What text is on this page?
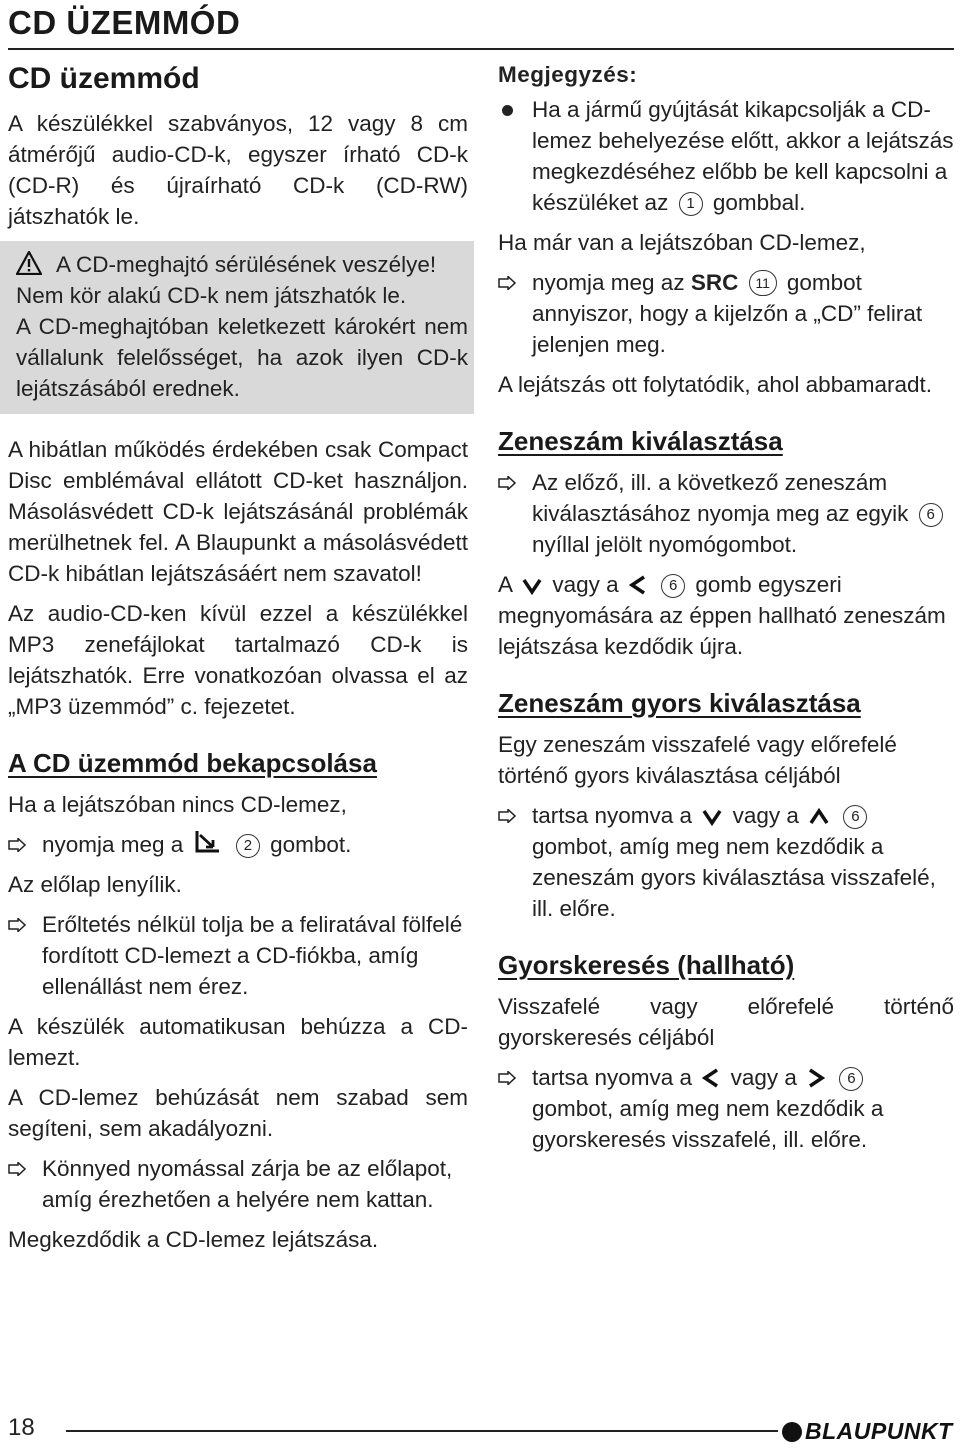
CD ÜZEMMÓD
CD üzemmód

A készülékkel szabványos, 12 vagy 8 cm átmérőjű audio-CD-k, egyszer írható CD-k (CD-R) és újraírható CD-k (CD-RW) játszhatók le.

A CD-meghajtó sérülésének veszélye!

Nem kör alakú CD-k nem játszhatók le.

A CD-meghajtóban keletkezett károkért nem vállalunk felelősséget, ha azok ilyen CD-k lejátszásából erednek.

A hibátlan működés érdekében csak Compact Disc emblémával ellátott CD-ket használjon. Másolásvédett CD-k lejátszásánál problémák merülhetnek fel. A Blaupunkt a másolásvédett CD-k hibátlan lejátszásáért nem szavatol!

Az audio-CD-ken kívül ezzel a készülékkel MP3 zenefájlokat tartalmazó CD-k is lejátszhatók. Erre vonatkozóan olvassa el az „MP3 üzemmód” c. fejezetet.

A CD üzemmód bekapcsolása

Ha a lejátszóban nincs CD-lemez,

nyomja meg a	2 gombot.

Az előlap lenyílik.

Erőltetés nélkül tolja be a feliratával fölfelé fordított CD-lemezt a CD-fiókba, amíg ellenállást nem érez.

A készülék automatikusan behúzza a CD-lemezt.

A CD-lemez behúzását nem szabad sem segíteni, sem akadályozni.

Könnyed nyomással zárja be az előlapot, amíg érezhetően a helyére nem kattan.

Megkezdődik a CD-lemez lejátszása.

Megjegyzés:
Ha a jármű gyújtását kikapcsolják a CD-lemez behelyezése előtt, akkor a lejátszás megkezdéséhez előbb be kell kapcsolni a készüléket az 1 gombbal.

Ha már van a lejátszóban CD-lemez,

nyomja meg az SRC 11 gombot annyiszor, hogy a kijelzőn a „CD” felirat jelenjen meg.

A lejátszás ott folytatódik, ahol abbamaradt.

Zeneszám kiválasztása
Az előző, ill. a következő zeneszám kiválasztásához nyomja meg az egyik 6 nyíllal jelölt nyomógombot.

A vagy a	6 gomb egyszeri megnyomására az éppen hallható zeneszám lejátszása kezdődik újra.

Zeneszám gyors kiválasztása

Egy zeneszám visszafelé vagy előrefelé történő gyors kiválasztása céljából

tartsa nyomva a vagy a	6 gombot, amíg meg nem kezdődik a zeneszám gyors kiválasztása visszafelé, ill. előre.
Gyorskeresés (hallható)

Visszafelé vagy előrefelé történő gyorskeresés céljából

tartsa nyomva a vagy a	6 gombot, amíg meg nem kezdődik a gyorskeresés visszafelé, ill. előre.
18	BLAUPUNKT
